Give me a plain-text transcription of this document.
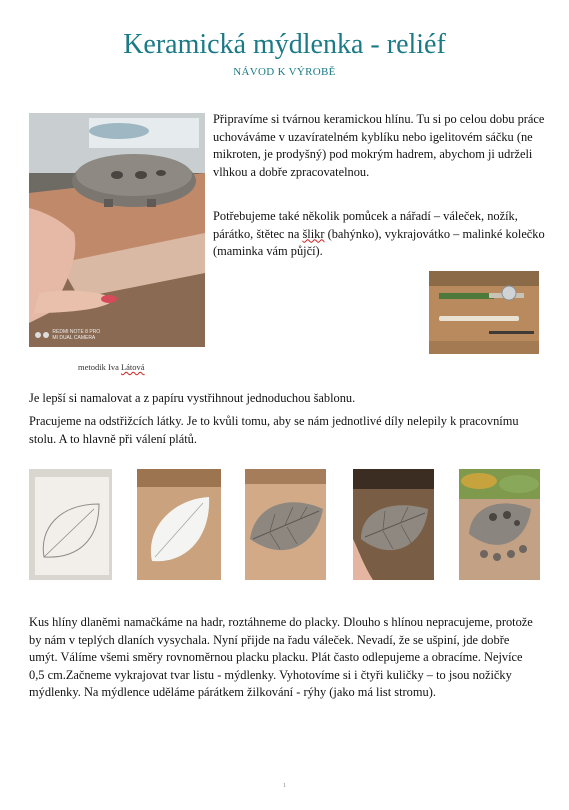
Keramická mýdlenka - reliéf
NÁVOD K VÝROBĚ
REDMI NOTE 8 PRO
MI DUAL CAMERA

Připravíme si tvárnou keramickou hlínu. Tu si po celou dobu práce uchováváme v uzavíratelném kyblíku nebo igelitovém sáčku (ne mikroten, je prodyšný) pod mokrým hadrem, abychom ji udrželi vlhkou a dobře zpracovatelnou.

Potřebujeme také několik pomůcek a nářadí – váleček, nožík, párátko, štětec na šlikr (bahýnko), vykrajovátko – malinké kolečko (maminka vám půjčí).

metodik Iva Látová

Je lepší si namalovat a z papíru vystřihnout jednoduchou šablonu.

Pracujeme na odstřižcích látky. Je to kvůli tomu, aby se nám jednotlivé díly nelepily k pracovnímu stolu. A to hlavně při válení plátů.

Kus hlíny dlaněmi namačkáme na hadr, roztáhneme do placky. Dlouho s hlínou nepracujeme, protože by nám v teplých dlaních vysychala. Nyní přijde na řadu váleček. Nevadí, že se ušpiní, jde dobře umýt. Válíme všemi směry rovnoměrnou placku placku. Plát často odlepujeme a obracíme. Nejvíce 0,5 cm.Začneme vykrajovat tvar listu - mýdlenky. Vyhotovíme si i čtyři kuličky – to jsou nožičky mýdlenky. Na mýdlence uděláme párátkem žilkování - rýhy (jako má list stromu).

1
